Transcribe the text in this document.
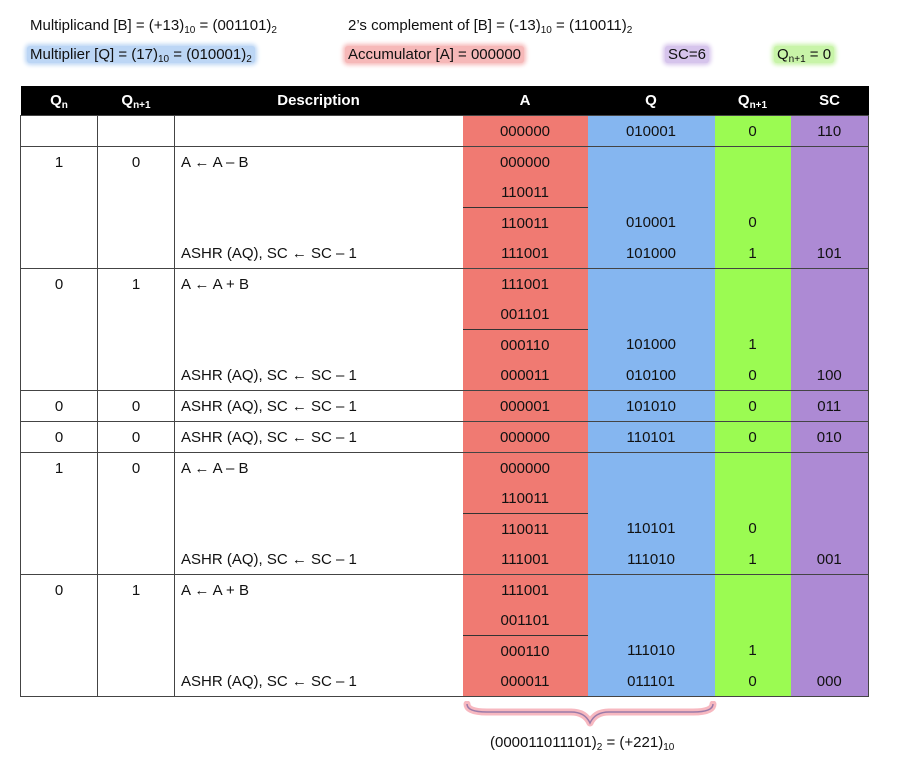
Multiplicand $[B] = (+13)_{10} = (001101)_2$	2’s complement of $[B] = (-13)_{10} = (110011)_2$
Multiplier $[Q] = (17)_{10} = (010001)_2$	Accumulator [A] = 000000	SC=6	$Q_{n+1} = 0$
$Q_n$	$Q_{n+1}$	Description	A	Q	$Q_{n+1}$	SC
			000000	010001	0	110
1	0	A ← A – B	000000			
			110011			
			110011	010001	0	
		ASHR (AQ), SC ← SC – 1	111001	101000	1	101
0	1	A ← A + B	111001			
			001101			
			000110	101000	1	
		ASHR (AQ), SC ← SC – 1	000011	010100	0	100
0	0	ASHR (AQ), SC ← SC – 1	000001	101010	0	011
0	0	ASHR (AQ), SC ← SC – 1	000000	110101	0	010
1	0	A ← A – B	000000			
			110011			
			110011	110101	0	
		ASHR (AQ), SC ← SC – 1	111001	111010	1	001
0	1	A ← A + B	111001			
			001101			
			000110	111010	1	
		ASHR (AQ), SC ← SC – 1	000011	011101	0	000
$(000011011101)_2 = (+221)_{10}$
